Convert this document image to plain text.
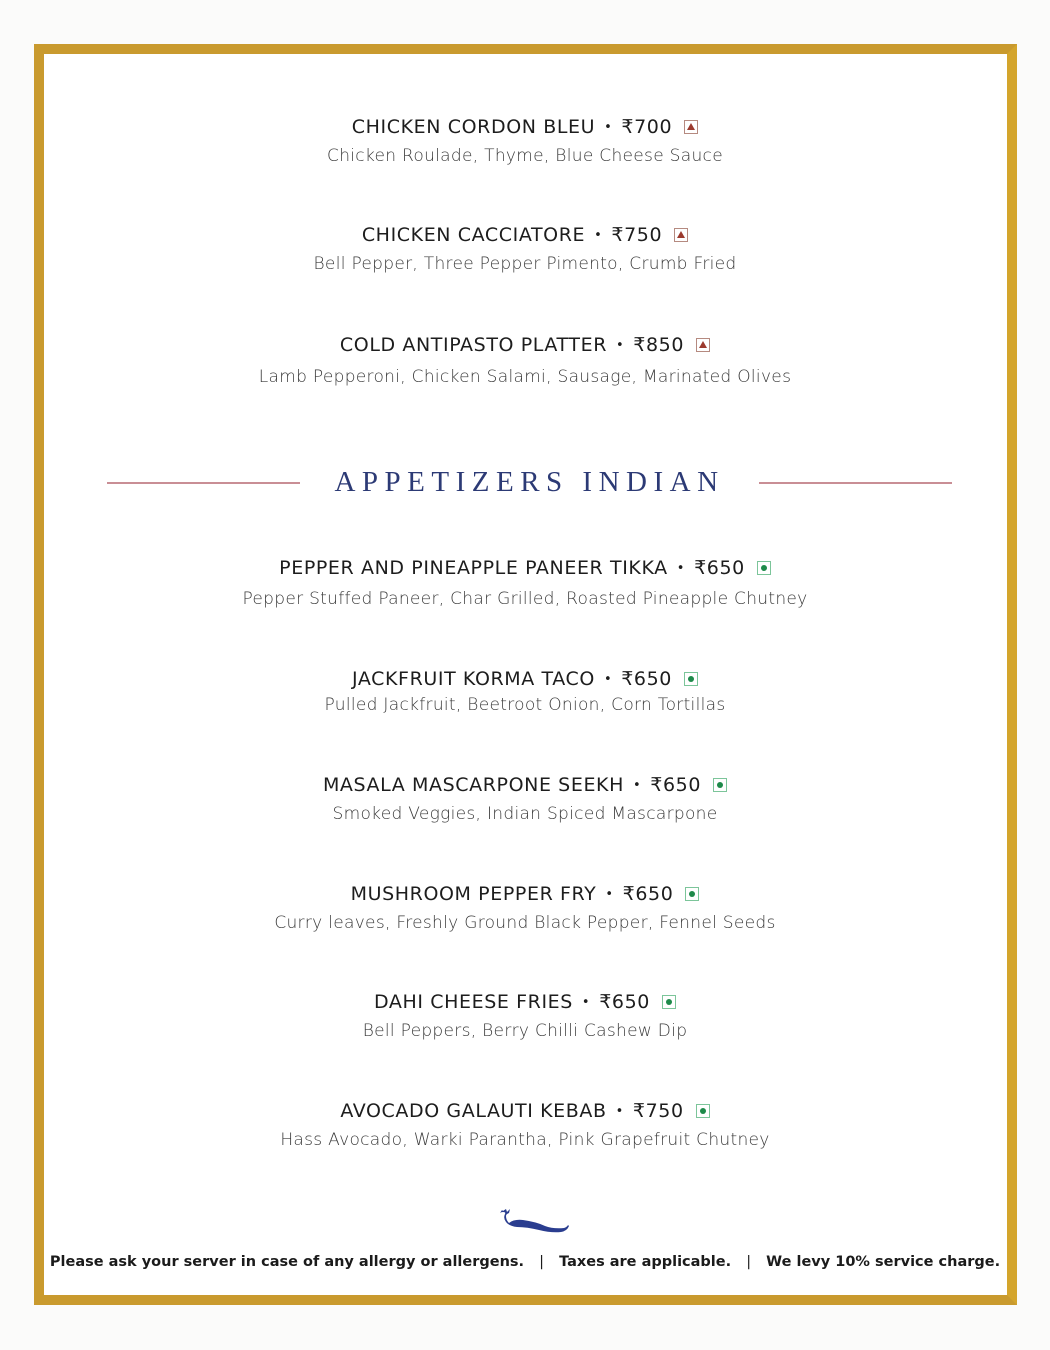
CHICKEN CORDON BLEU • ₹700
Chicken Roulade, Thyme, Blue Cheese Sauce
CHICKEN CACCIATORE • ₹750
Bell Pepper, Three Pepper Pimento, Crumb Fried
COLD ANTIPASTO PLATTER • ₹850
Lamb Pepperoni, Chicken Salami, Sausage, Marinated Olives
APPETIZERS INDIAN
PEPPER AND PINEAPPLE PANEER TIKKA • ₹650
Pepper Stuffed Paneer, Char Grilled, Roasted Pineapple Chutney
JACKFRUIT KORMA TACO • ₹650
Pulled Jackfruit, Beetroot Onion, Corn Tortillas
MASALA MASCARPONE SEEKH • ₹650
Smoked Veggies, Indian Spiced Mascarpone
MUSHROOM PEPPER FRY • ₹650
Curry leaves, Freshly Ground Black Pepper, Fennel Seeds
DAHI CHEESE FRIES • ₹650
Bell Peppers, Berry Chilli Cashew Dip
AVOCADO GALAUTI KEBAB • ₹750
Hass Avocado, Warki Parantha, Pink Grapefruit Chutney
Please ask your server in case of any allergy or allergens. | Taxes are applicable. | We levy 10% service charge.
